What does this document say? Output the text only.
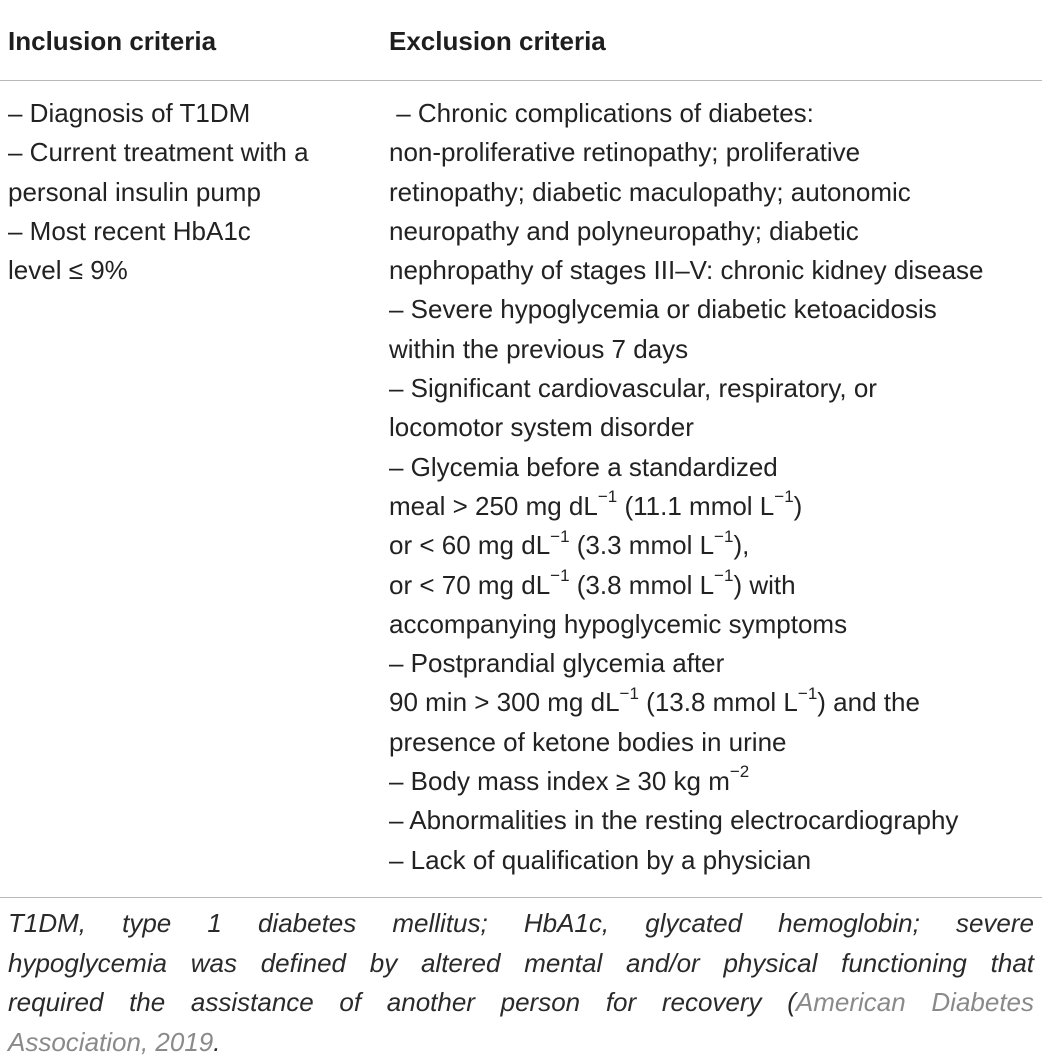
Inclusion criteria	Exclusion criteria
– Diagnosis of T1DM
– Current treatment with a
personal insulin pump
– Most recent HbA1c
level ≤ 9%
– Chronic complications of diabetes:
non-proliferative retinopathy; proliferative
retinopathy; diabetic maculopathy; autonomic
neuropathy and polyneuropathy; diabetic
nephropathy of stages III–V: chronic kidney disease
– Severe hypoglycemia or diabetic ketoacidosis
within the previous 7 days
– Significant cardiovascular, respiratory, or
locomotor system disorder
– Glycemia before a standardized
meal > 250 mg $dL^{-1}$ (11.1 mmol $L^{-1}$)
or < 60 mg $dL^{-1}$ (3.3 mmol $L^{-1}$),
or < 70 mg $dL^{-1}$ (3.8 mmol $L^{-1}$) with
accompanying hypoglycemic symptoms
– Postprandial glycemia after
90 min > 300 mg $dL^{-1}$ (13.8 mmol $L^{-1}$) and the
presence of ketone bodies in urine
– Body mass index ≥ 30 kg $m^{-2}$
– Abnormalities in the resting electrocardiography
– Lack of qualification by a physician
T1DM, type 1 diabetes mellitus; HbA1c, glycated hemoglobin; severe
hypoglycemia was defined by altered mental and/or physical functioning that
required the assistance of another person for recovery (American Diabetes
Association, 2019.
